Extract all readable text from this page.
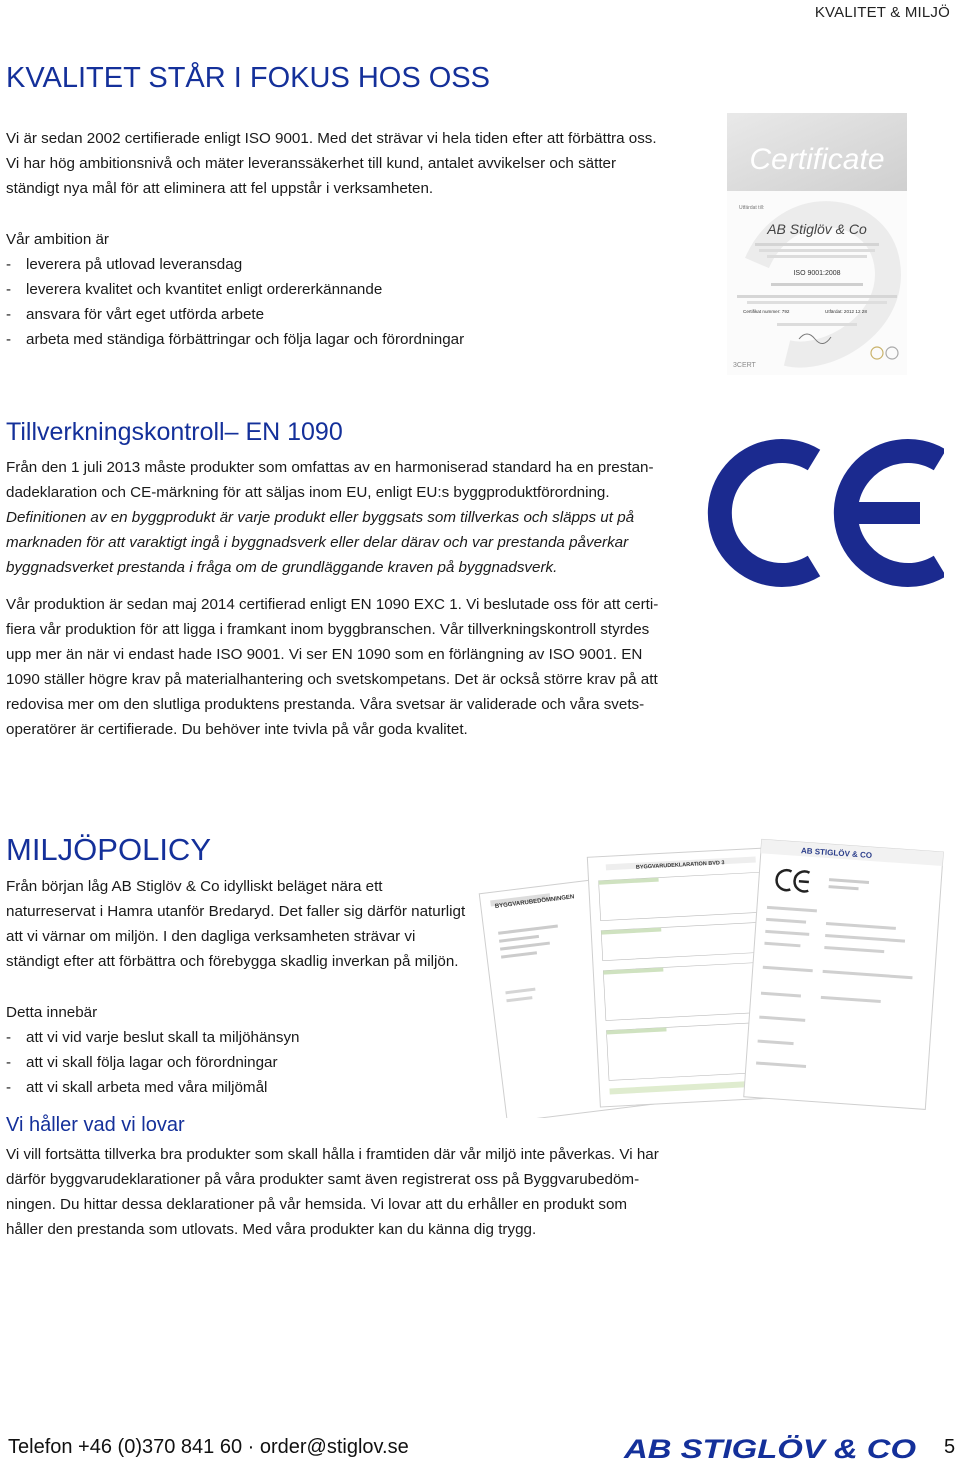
KVALITET & MILJÖ
KVALITET STÅR I FOKUS HOS OSS

Vi är sedan 2002 certifierade enligt ISO 9001. Med det strävar vi hela tiden efter att förbättra oss.

Vi har hög ambitionsnivå och mäter leveranssäkerhet till kund, antalet avvikelser och sätter

ständigt nya mål för att eliminera att fel uppstår i verksamheten.

Vår ambition är

- leverera på utlovad leveransdag
- leverera kvalitet och kvantitet enligt ordererkännande
- ansvara för vårt eget utförda arbete
- arbeta med ständiga förbättringar och följa lagar och förordningar
Certificate
Utfärdat till:
AB Stiglöv & Co
ISO 9001:2008
Certifikat nummer: 792	Utfärdat: 2012 12 28
3CERT
Tillverkningskontroll– EN 1090

Från den 1 juli 2013 måste produkter som omfattas av en harmoniserad standard ha en prestan-

dadeklaration och CE-märkning för att säljas inom EU, enligt EU:s byggproduktförordning.

Definitionen av en byggprodukt är varje produkt eller byggsats som tillverkas och släpps ut på

marknaden för att varaktigt ingå i byggnadsverk eller delar därav och var prestanda påverkar

byggnadsverket prestanda i fråga om de grundläggande kraven på byggnadsverk.

Vår produktion är sedan maj 2014 certifierad enligt EN 1090 EXC 1. Vi beslutade oss för att certi-

fiera vår produktion för att ligga i framkant inom byggbranschen. Vår tillverkningskontroll styrdes

upp mer än när vi endast hade ISO 9001. Vi ser EN 1090 som en förlängning av ISO 9001. EN

1090 ställer högre krav på materialhantering och svetskompetans. Det är också större krav på att

redovisa mer om den slutliga produktens prestanda. Våra svetsar är validerade och våra svets-

operatörer är certifierade. Du behöver inte tvivla på vår goda kvalitet.

MILJÖPOLICY

Från början låg AB Stiglöv & Co idylliskt beläget nära ett

naturreservat i Hamra utanför Bredaryd. Det faller sig därför naturligt

att vi värnar om miljön. I den dagliga verksamheten strävar vi

ständigt efter att förbättra och förebygga skadlig inverkan på miljön.

Detta innebär

- att vi vid varje beslut skall ta miljöhänsyn
- att vi skall följa lagar och förordningar
- att vi skall arbeta med våra miljömål
BYGGVARUBEDÖMNINGEN
BYGGVARUDEKLARATION BVD 3
AB STIGLÖV & CO
Vi håller vad vi lovar

Vi vill fortsätta tillverka bra produkter som skall hålla i framtiden där vår miljö inte påverkas. Vi har

därför byggvarudeklarationer på våra produkter samt även registrerat oss på Byggvarubedöm-

ningen. Du hittar dessa deklarationer på vår hemsida. Vi lovar att du erhåller en produkt som

håller den prestanda som utlovats. Med våra produkter kan du känna dig trygg.

Telefon +46 (0)370 841 60 · order@stiglov.se	AB STIGLÖV & CO 5
